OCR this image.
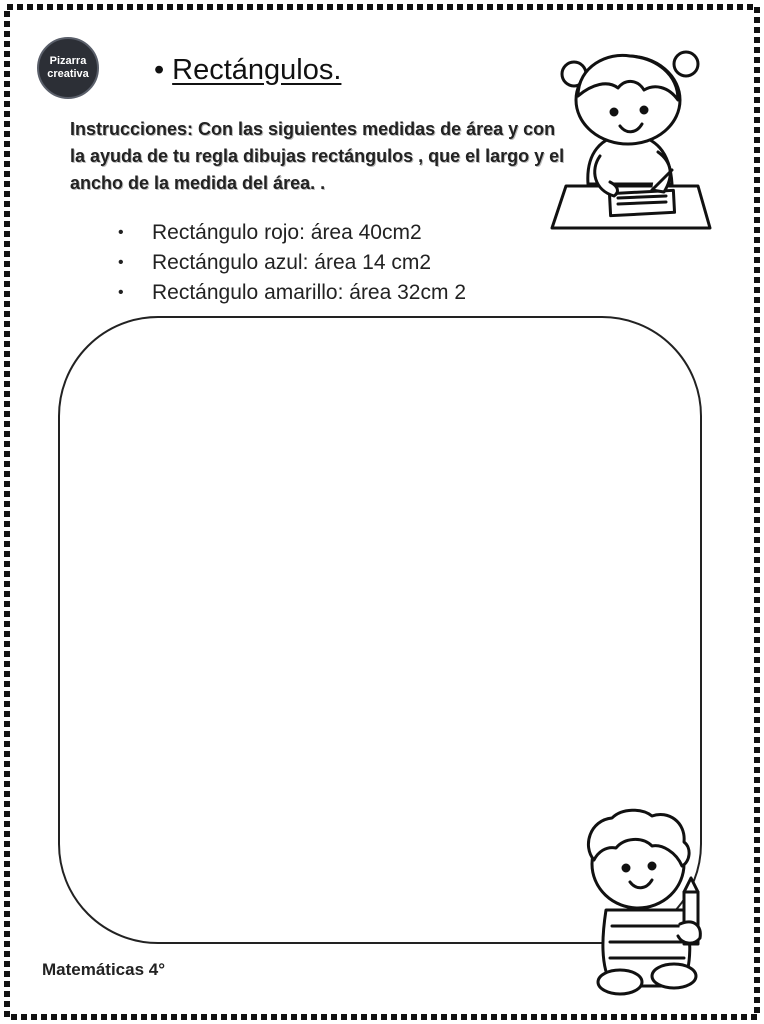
Pizarra
creativa • Rectángulos.
Instrucciones: Con las siguientes medidas de área y con la ayuda de tu regla dibujas rectángulos , que el largo y el ancho de la medida del área. .
• Rectángulo rojo: área 40cm2
• Rectángulo azul: área 14 cm2
• Rectángulo amarillo: área 32cm 2
Matemáticas 4°
